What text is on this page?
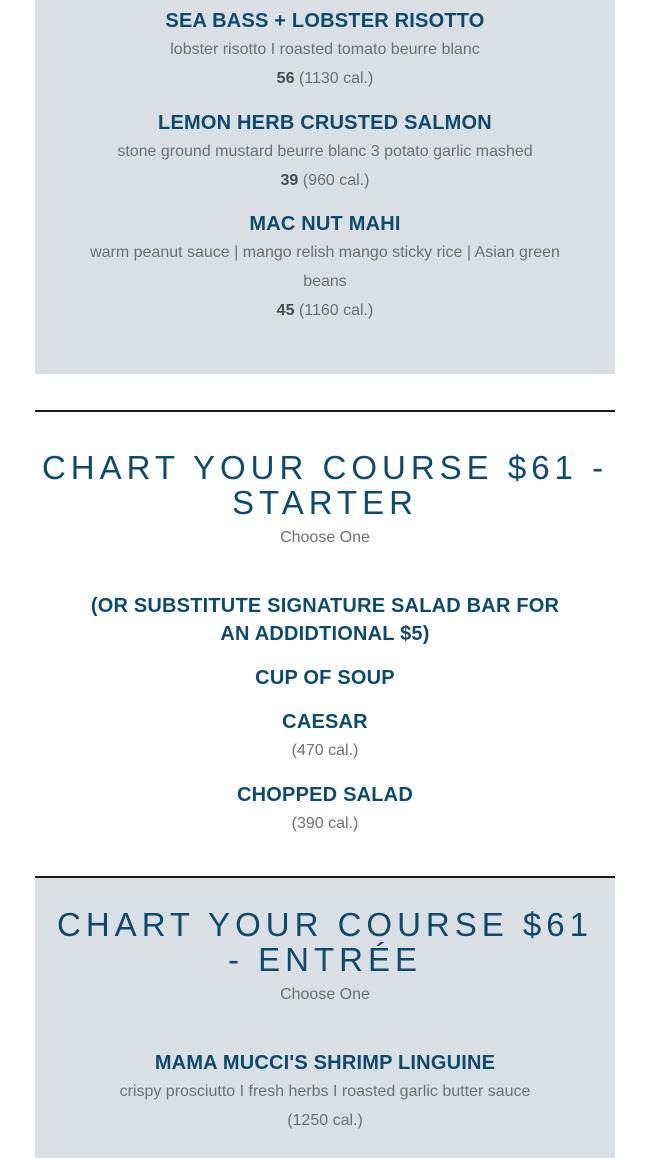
SEA BASS + LOBSTER RISOTTO
lobster risotto I roasted tomato beurre blanc
56 (1130 cal.)
LEMON HERB CRUSTED SALMON
stone ground mustard beurre blanc 3 potato garlic mashed
39 (960 cal.)
MAC NUT MAHI
warm peanut sauce | mango relish mango sticky rice | Asian green beans
45 (1160 cal.)
CHART YOUR COURSE $61 -
STARTER
Choose One
(OR SUBSTITUTE SIGNATURE SALAD BAR FOR AN ADDIDTIONAL $5)
CUP OF SOUP
CAESAR
(470 cal.)
CHOPPED SALAD
(390 cal.)
CHART YOUR COURSE $61
- ENTRÉE
Choose One
MAMA MUCCI'S SHRIMP LINGUINE
crispy prosciutto I fresh herbs I roasted garlic butter sauce
(1250 cal.)
